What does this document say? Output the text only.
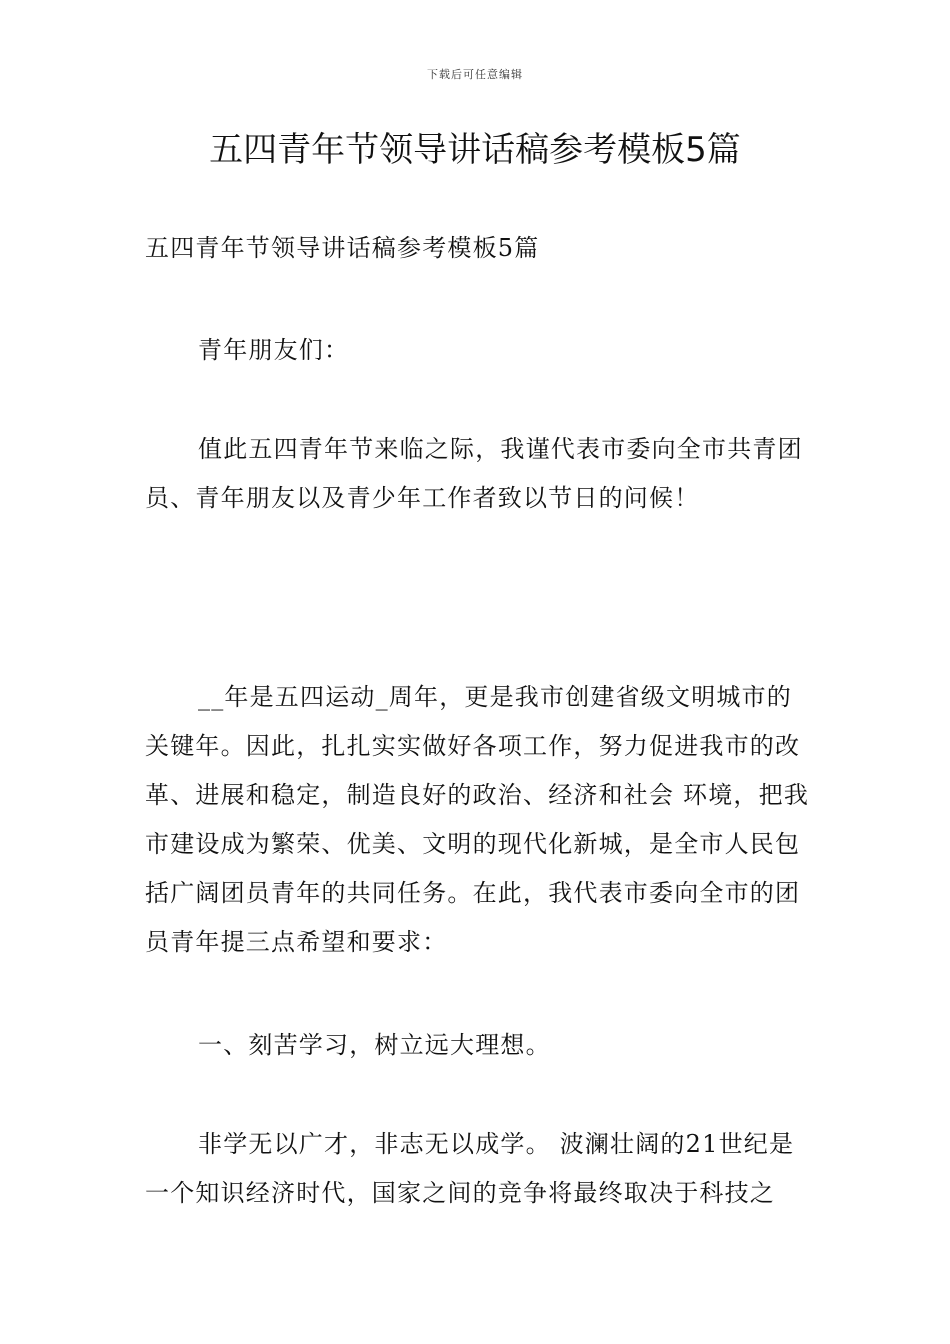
下载后可任意编辑
五四青年节领导讲话稿参考模板5篇

五四青年节领导讲话稿参考模板5篇

青年朋友们：

值此五四青年节来临之际，我谨代表市委向全市共青团员、青年朋友以及青少年工作者致以节日的问候！

__年是五四运动_周年，更是我市创建省级文明城市的关键年。因此，扎扎实实做好各项工作，努力促进我市的改革、进展和稳定，制造良好的政治、经济和社会 环境，把我市建设成为繁荣、优美、文明的现代化新城，是全市人民包括广阔团员青年的共同任务。在此，我代表市委向全市的团员青年提三点希望和要求：

一、刻苦学习，树立远大理想。

非学无以广才，非志无以成学。 波澜壮阔的21世纪是一个知识经济时代，国家之间的竞争将最终取决于科技之
